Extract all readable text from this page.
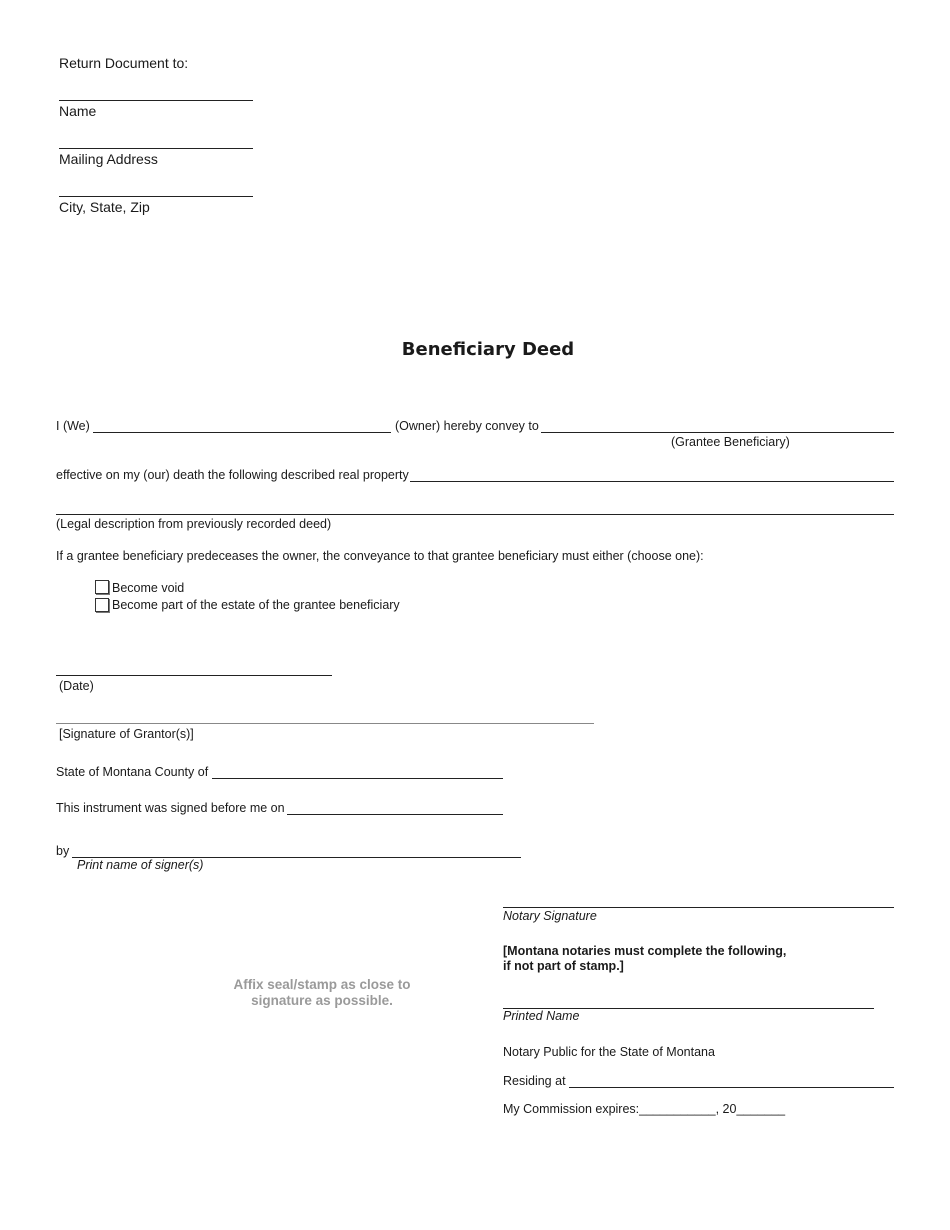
Return Document to:
Name
Mailing Address
City, State, Zip
Beneficiary Deed
I (We)	(Owner) hereby convey to
(Grantee Beneficiary)
effective on my (our) death the following described real property
(Legal description from previously recorded deed)
If a grantee beneficiary predeceases the owner, the conveyance to that grantee beneficiary must either (choose one):
Become void
Become part of the estate of the grantee beneficiary
(Date)
[Signature of Grantor(s)]
State of Montana County of
This instrument was signed before me on
by
Print name of signer(s)
Notary Signature
[Montana notaries must complete the following,
if not part of stamp.]
Affix seal/stamp as close to
signature as possible.
Printed Name
Notary Public for the State of Montana
Residing at
My Commission expires:___________, 20_______
